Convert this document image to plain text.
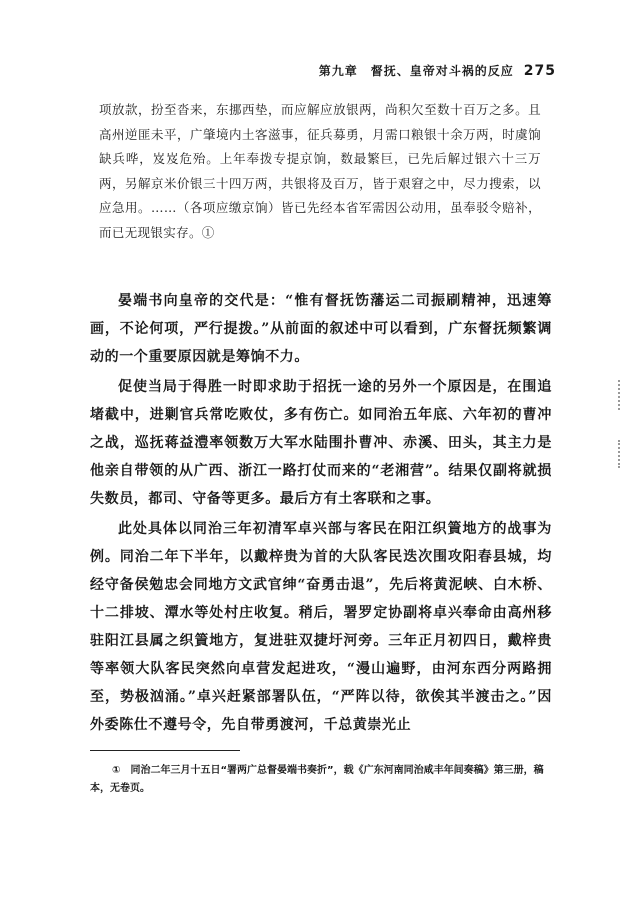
第九章　督抚、皇帝对斗祸的反应 275

项放款，扮至沓来，东挪西垫，而应解应放银两，尚积欠至数十百万之多。且高州逆匪未平，广肇境内土客滋事，征兵募勇，月需口粮银十余万两，时虞饷缺兵哗，岌岌危殆。上年奉拨专提京饷，数最繁巨，已先后解过银六十三万两，另解京米价银三十四万两，共银将及百万，皆于艰窘之中，尽力搜索，以应急用。……（各项应缴京饷）皆已先经本省军需因公动用，虽奉驳令赔补，而已无现银实存。①

晏端书向皇帝的交代是：“惟有督抚饬藩运二司振刷精神，迅速筹画，不论何项，严行提拨。”从前面的叙述中可以看到，广东督抚频繁调动的一个重要原因就是筹饷不力。

促使当局于得胜一时即求助于招抚一途的另外一个原因是，在围追堵截中，进剿官兵常吃败仗，多有伤亡。如同治五年底、六年初的曹冲之战，巡抚蒋益澧率领数万大军水陆围扑曹冲、赤溪、田头，其主力是他亲自带领的从广西、浙江一路打仗而来的“老湘营”。结果仅副将就损失数员，都司、守备等更多。最后方有土客联和之事。

此处具体以同治三年初清军卓兴部与客民在阳江织篢地方的战事为例。同治二年下半年，以戴梓贵为首的大队客民迭次围攻阳春县城，均经守备侯勉忠会同地方文武官绅“奋勇击退”，先后将黄泥峡、白木桥、十二排坡、潭水等处村庄收复。稍后，署罗定协副将卓兴奉命由高州移驻阳江县属之织篢地方，复进驻双捷圩河旁。三年正月初四日，戴梓贵等率领大队客民突然向卓营发起进攻，“漫山遍野，由河东西分两路拥至，势极汹涌。”卓兴赶紧部署队伍，“严阵以待，欲俟其半渡击之。”因外委陈仕不遵号令，先自带勇渡河，千总黄崇光止

①　同治二年三月十五日“署两广总督晏端书奏折”，载《广东河南同治咸丰年间奏稿》第三册，稿本，无卷页。
